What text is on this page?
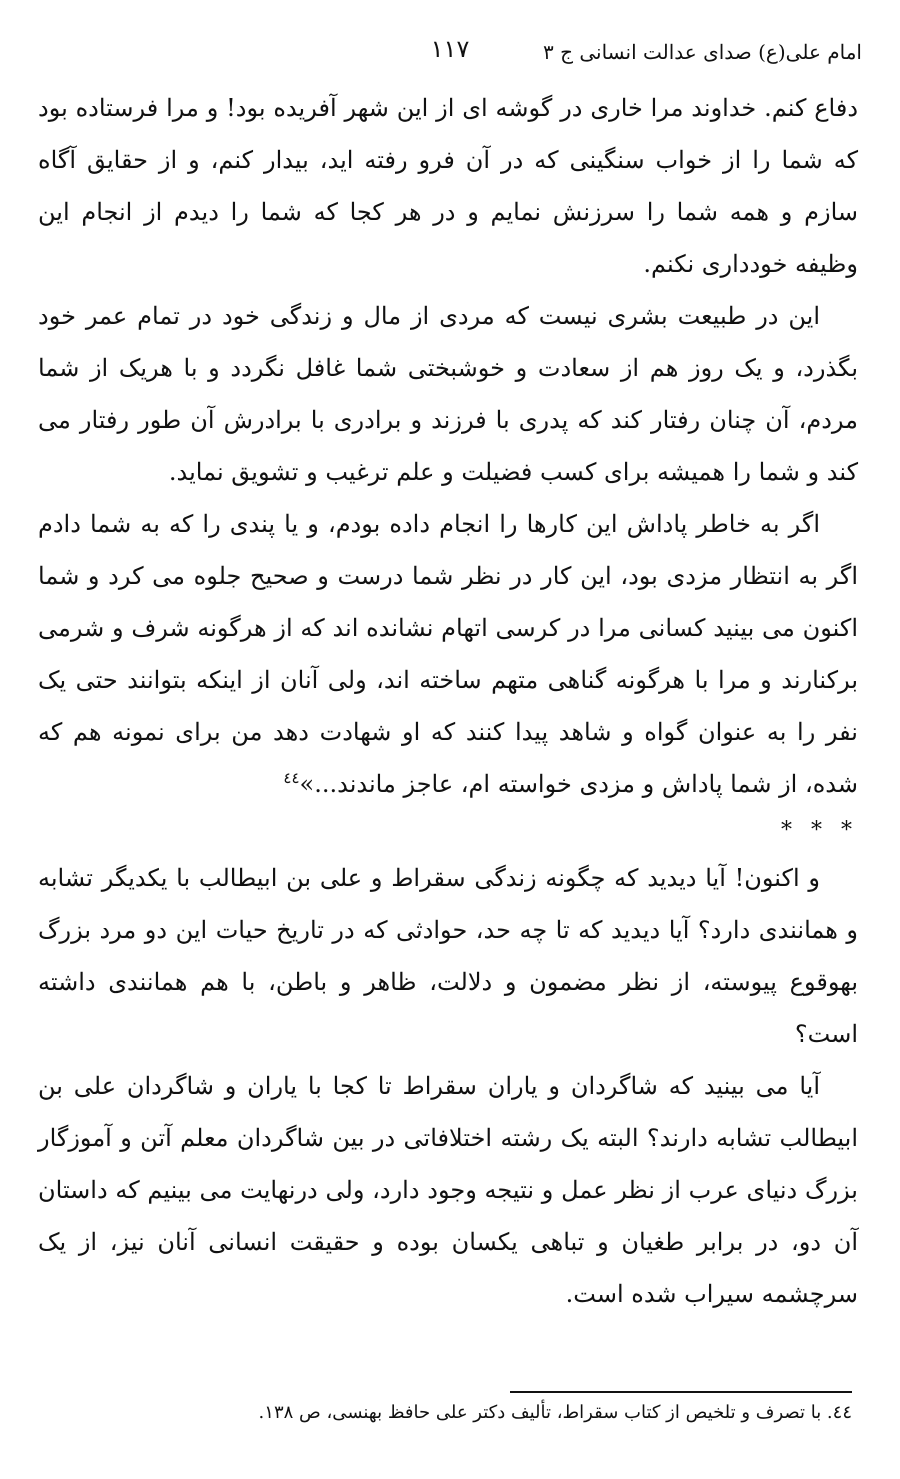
امام علی(ع) صدای عدالت انسانی ج ۳
۱۱۷

دفاع کنم. خداوند مرا خاری در گوشه ای از این شهر آفریده بود! و مرا فرستاده بود که شما را از خواب سنگینی که در آن فرو رفته اید، بیدار کنم، و از حقایق آگاه سازم و همه شما را سرزنش نمایم و در هر کجا که شما را دیدم از انجام این وظیفه خودداری نکنم.

این در طبیعت بشری نیست که مردی از مال و زندگی خود در تمام عمر خود بگذرد، و یک روز هم از سعادت و خوشبختی شما غافل نگردد و با هریک از شما مردم، آن چنان رفتار کند که پدری با فرزند و برادری با برادرش آن طور رفتار می کند و شما را همیشه برای کسب فضیلت و علم ترغیب و تشویق نماید.

اگر به خاطر پاداش این کارها را انجام داده بودم، و یا پندی را که به شما دادم اگر به انتظار مزدی بود، این کار در نظر شما درست و صحیح جلوه می کرد و شما اکنون می بینید کسانی مرا در کرسی اتهام نشانده اند که از هرگونه شرف و شرمی برکنارند و مرا با هرگونه گناهی متهم ساخته اند، ولی آنان از اینکه بتوانند حتی یک نفر را به عنوان گواه و شاهد پیدا کنند که او شهادت دهد من برای نمونه هم که شده، از شما پاداش و مزدی خواسته ام، عاجز ماندند...»$^{٤٤}$

* * *

و اکنون! آیا دیدید که چگونه زندگی سقراط و علی بن ابیطالب با یکدیگر تشابه و همانندی دارد؟ آیا دیدید که تا چه حد، حوادثی که در تاریخ حیات این دو مرد بزرگ بهوقوع پیوسته، از نظر مضمون و دلالت، ظاهر و باطن، با هم همانندی داشته است؟

آیا می بینید که شاگردان و یاران سقراط تا کجا با یاران و شاگردان علی بن ابیطالب تشابه دارند؟ البته یک رشته اختلافاتی در بین شاگردان معلم آتن و آموزگار بزرگ دنیای عرب از نظر عمل و نتیجه وجود دارد، ولی درنهایت می بینیم که داستان آن دو، در برابر طغیان و تباهی یکسان بوده و حقیقت انسانی آنان نیز، از یک سرچشمه سیراب شده است.

٤٤. با تصرف و تلخیص از کتاب سقراط، تألیف دکتر علی حافظ بهنسی، ص ۱۳۸.
